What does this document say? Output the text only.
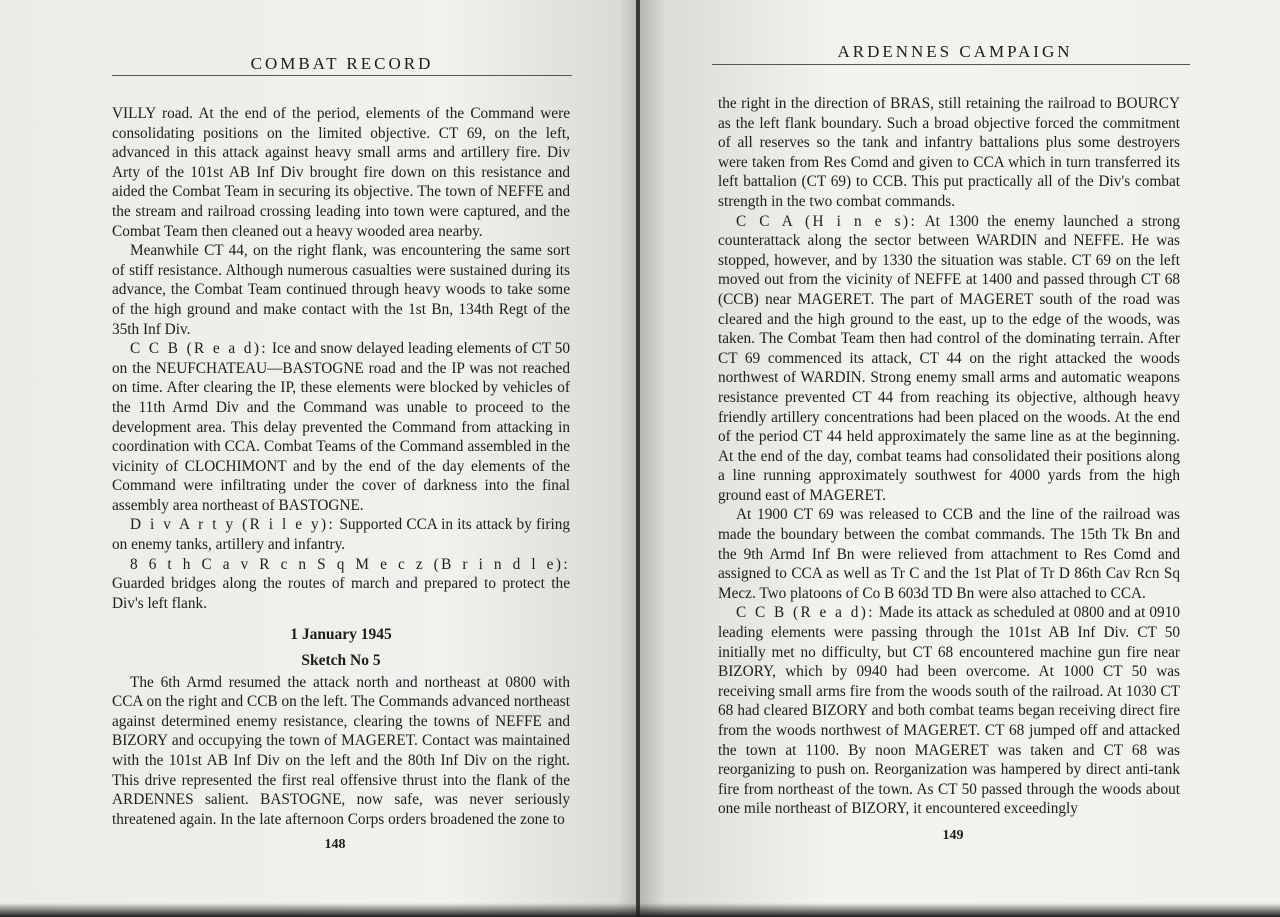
COMBAT RECORD

VILLY road. At the end of the period, elements of the Command were consolidating positions on the limited objective. CT 69, on the left, advanced in this attack against heavy small arms and artillery fire. Div Arty of the 101st AB Inf Div brought fire down on this resistance and aided the Combat Team in securing its objective. The town of NEFFE and the stream and railroad crossing leading into town were captured, and the Combat Team then cleaned out a heavy wooded area nearby.

Meanwhile CT 44, on the right flank, was encountering the same sort of stiff resistance. Although numerous casualties were sustained during its advance, the Combat Team continued through heavy woods to take some of the high ground and make contact with the 1st Bn, 134th Regt of the 35th Inf Div.

C C B (R e a d): Ice and snow delayed leading elements of CT 50 on the NEUFCHATEAU—BASTOGNE road and the IP was not reached on time. After clearing the IP, these elements were blocked by vehicles of the 11th Armd Div and the Command was unable to proceed to the development area. This delay prevented the Command from attacking in coordination with CCA. Combat Teams of the Command assembled in the vicinity of CLOCHIMONT and by the end of the day elements of the Command were infiltrating under the cover of darkness into the final assembly area northeast of BASTOGNE.

D i v A r t y (R i l e y): Supported CCA in its attack by firing on enemy tanks, artillery and infantry.

8 6 t h C a v R c n S q M e c z (B r i n d l e): Guarded bridges along the routes of march and prepared to protect the Div's left flank.

1 January 1945
Sketch No 5

The 6th Armd resumed the attack north and northeast at 0800 with CCA on the right and CCB on the left. The Commands advanced northeast against determined enemy resistance, clearing the towns of NEFFE and BIZORY and occupying the town of MAGERET. Contact was maintained with the 101st AB Inf Div on the left and the 80th Inf Div on the right. This drive represented the first real offensive thrust into the flank of the ARDENNES salient. BASTOGNE, now safe, was never seriously threatened again. In the late afternoon Corps orders broadened the zone to

148
ARDENNES CAMPAIGN

the right in the direction of BRAS, still retaining the railroad to BOURCY as the left flank boundary. Such a broad objective forced the commitment of all reserves so the tank and infantry battalions plus some destroyers were taken from Res Comd and given to CCA which in turn transferred its left battalion (CT 69) to CCB. This put practically all of the Div's combat strength in the two combat commands.

C C A (H i n e s): At 1300 the enemy launched a strong counterattack along the sector between WARDIN and NEFFE. He was stopped, however, and by 1330 the situation was stable. CT 69 on the left moved out from the vicinity of NEFFE at 1400 and passed through CT 68 (CCB) near MAGERET. The part of MAGERET south of the road was cleared and the high ground to the east, up to the edge of the woods, was taken. The Combat Team then had control of the dominating terrain. After CT 69 commenced its attack, CT 44 on the right attacked the woods northwest of WARDIN. Strong enemy small arms and automatic weapons resistance prevented CT 44 from reaching its objective, although heavy friendly artillery concentrations had been placed on the woods. At the end of the period CT 44 held approximately the same line as at the beginning. At the end of the day, combat teams had consolidated their positions along a line running approximately southwest for 4000 yards from the high ground east of MAGERET.

At 1900 CT 69 was released to CCB and the line of the railroad was made the boundary between the combat commands. The 15th Tk Bn and the 9th Armd Inf Bn were relieved from attachment to Res Comd and assigned to CCA as well as Tr C and the 1st Plat of Tr D 86th Cav Rcn Sq Mecz. Two platoons of Co B 603d TD Bn were also attached to CCA.

C C B (R e a d): Made its attack as scheduled at 0800 and at 0910 leading elements were passing through the 101st AB Inf Div. CT 50 initially met no difficulty, but CT 68 encountered machine gun fire near BIZORY, which by 0940 had been overcome. At 1000 CT 50 was receiving small arms fire from the woods south of the railroad. At 1030 CT 68 had cleared BIZORY and both combat teams began receiving direct fire from the woods northwest of MAGERET. CT 68 jumped off and attacked the town at 1100. By noon MAGERET was taken and CT 68 was reorganizing to push on. Reorganization was hampered by direct anti-tank fire from northeast of the town. As CT 50 passed through the woods about one mile northeast of BIZORY, it encountered exceedingly

149
